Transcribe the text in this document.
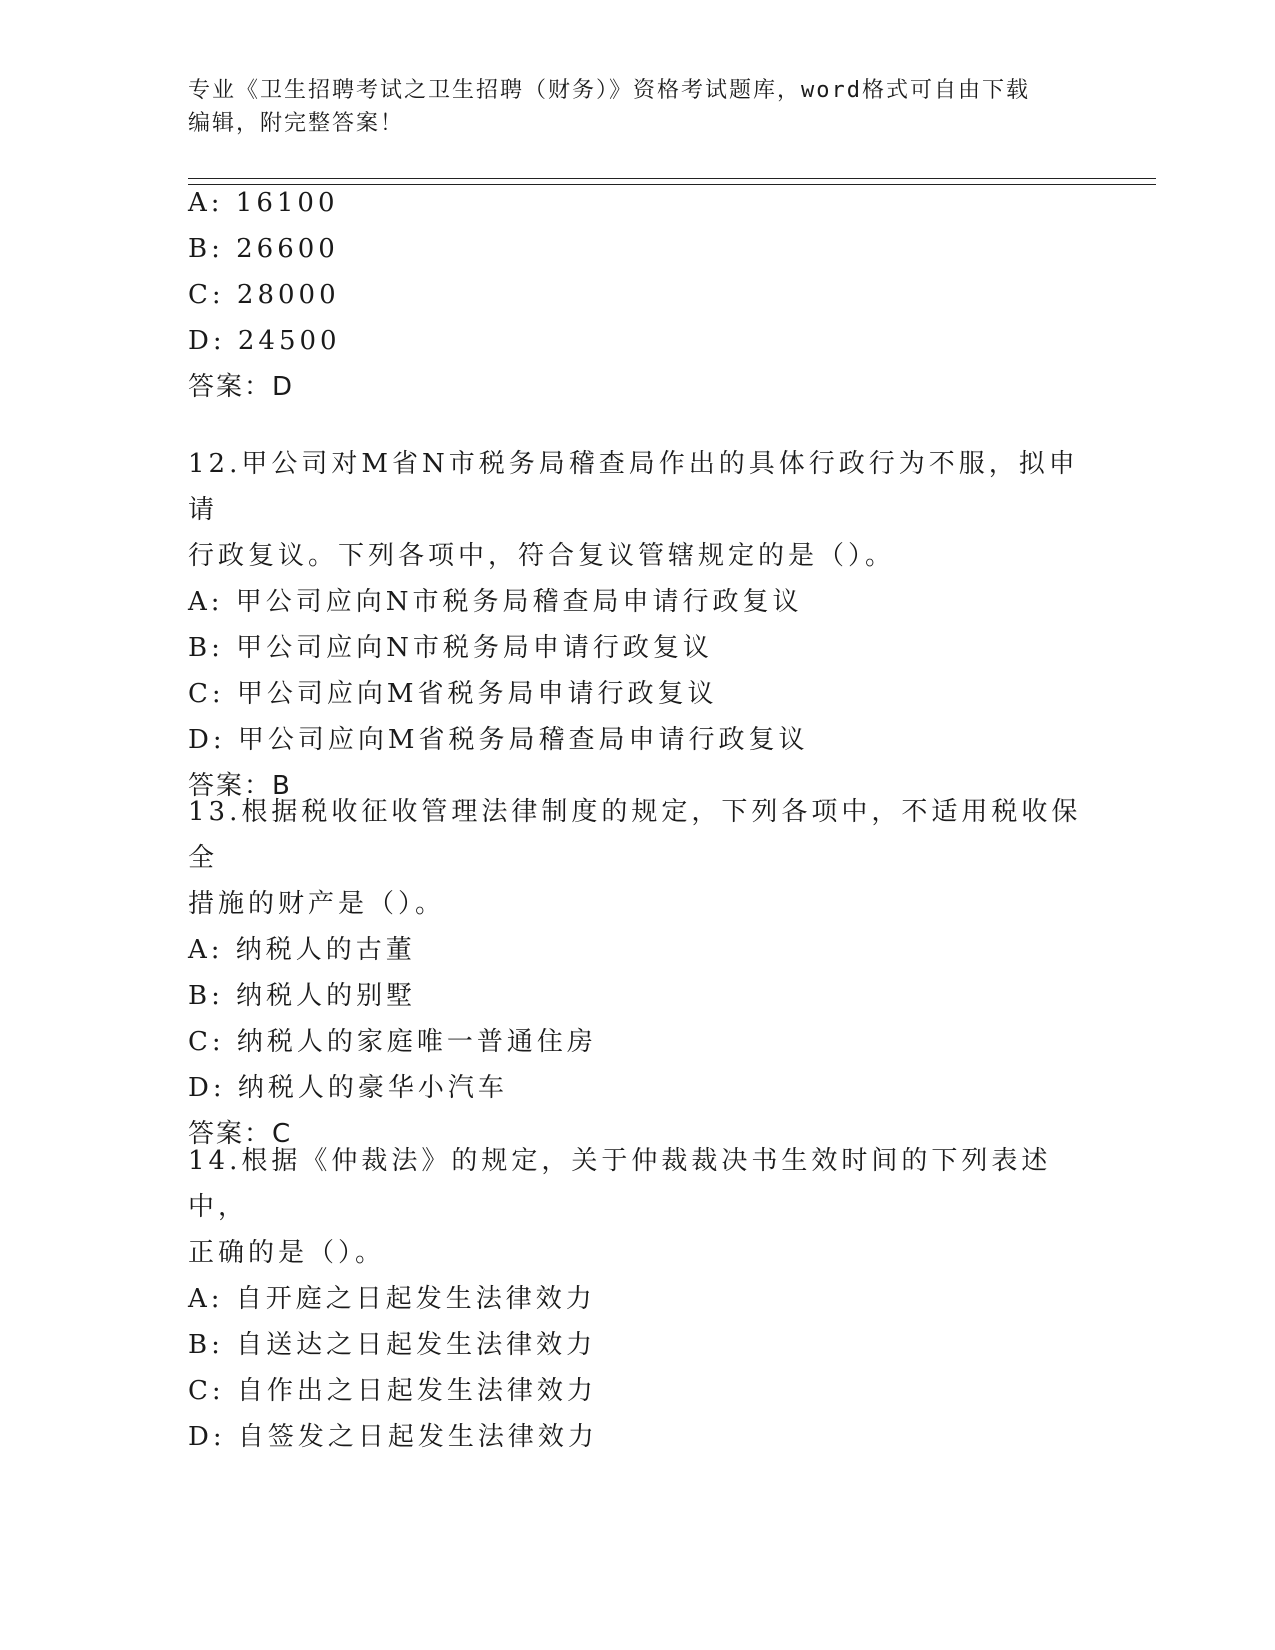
专业《卫生招聘考试之卫生招聘（财务）》资格考试题库，word格式可自由下载
编辑，附完整答案！
A: 16100
B: 26600
C: 28000
D: 24500
答案：D
12.甲公司对M省N市税务局稽查局作出的具体行政行为不服，拟申请
行政复议。下列各项中，符合复议管辖规定的是（）。
A: 甲公司应向N市税务局稽查局申请行政复议
B: 甲公司应向N市税务局申请行政复议
C: 甲公司应向M省税务局申请行政复议
D: 甲公司应向M省税务局稽查局申请行政复议
答案：B
13.根据税收征收管理法律制度的规定，下列各项中，不适用税收保全
措施的财产是（）。
A: 纳税人的古董
B: 纳税人的别墅
C: 纳税人的家庭唯一普通住房
D: 纳税人的豪华小汽车
答案：C
14.根据《仲裁法》的规定，关于仲裁裁决书生效时间的下列表述中，
正确的是（）。
A: 自开庭之日起发生法律效力
B: 自送达之日起发生法律效力
C: 自作出之日起发生法律效力
D: 自签发之日起发生法律效力
